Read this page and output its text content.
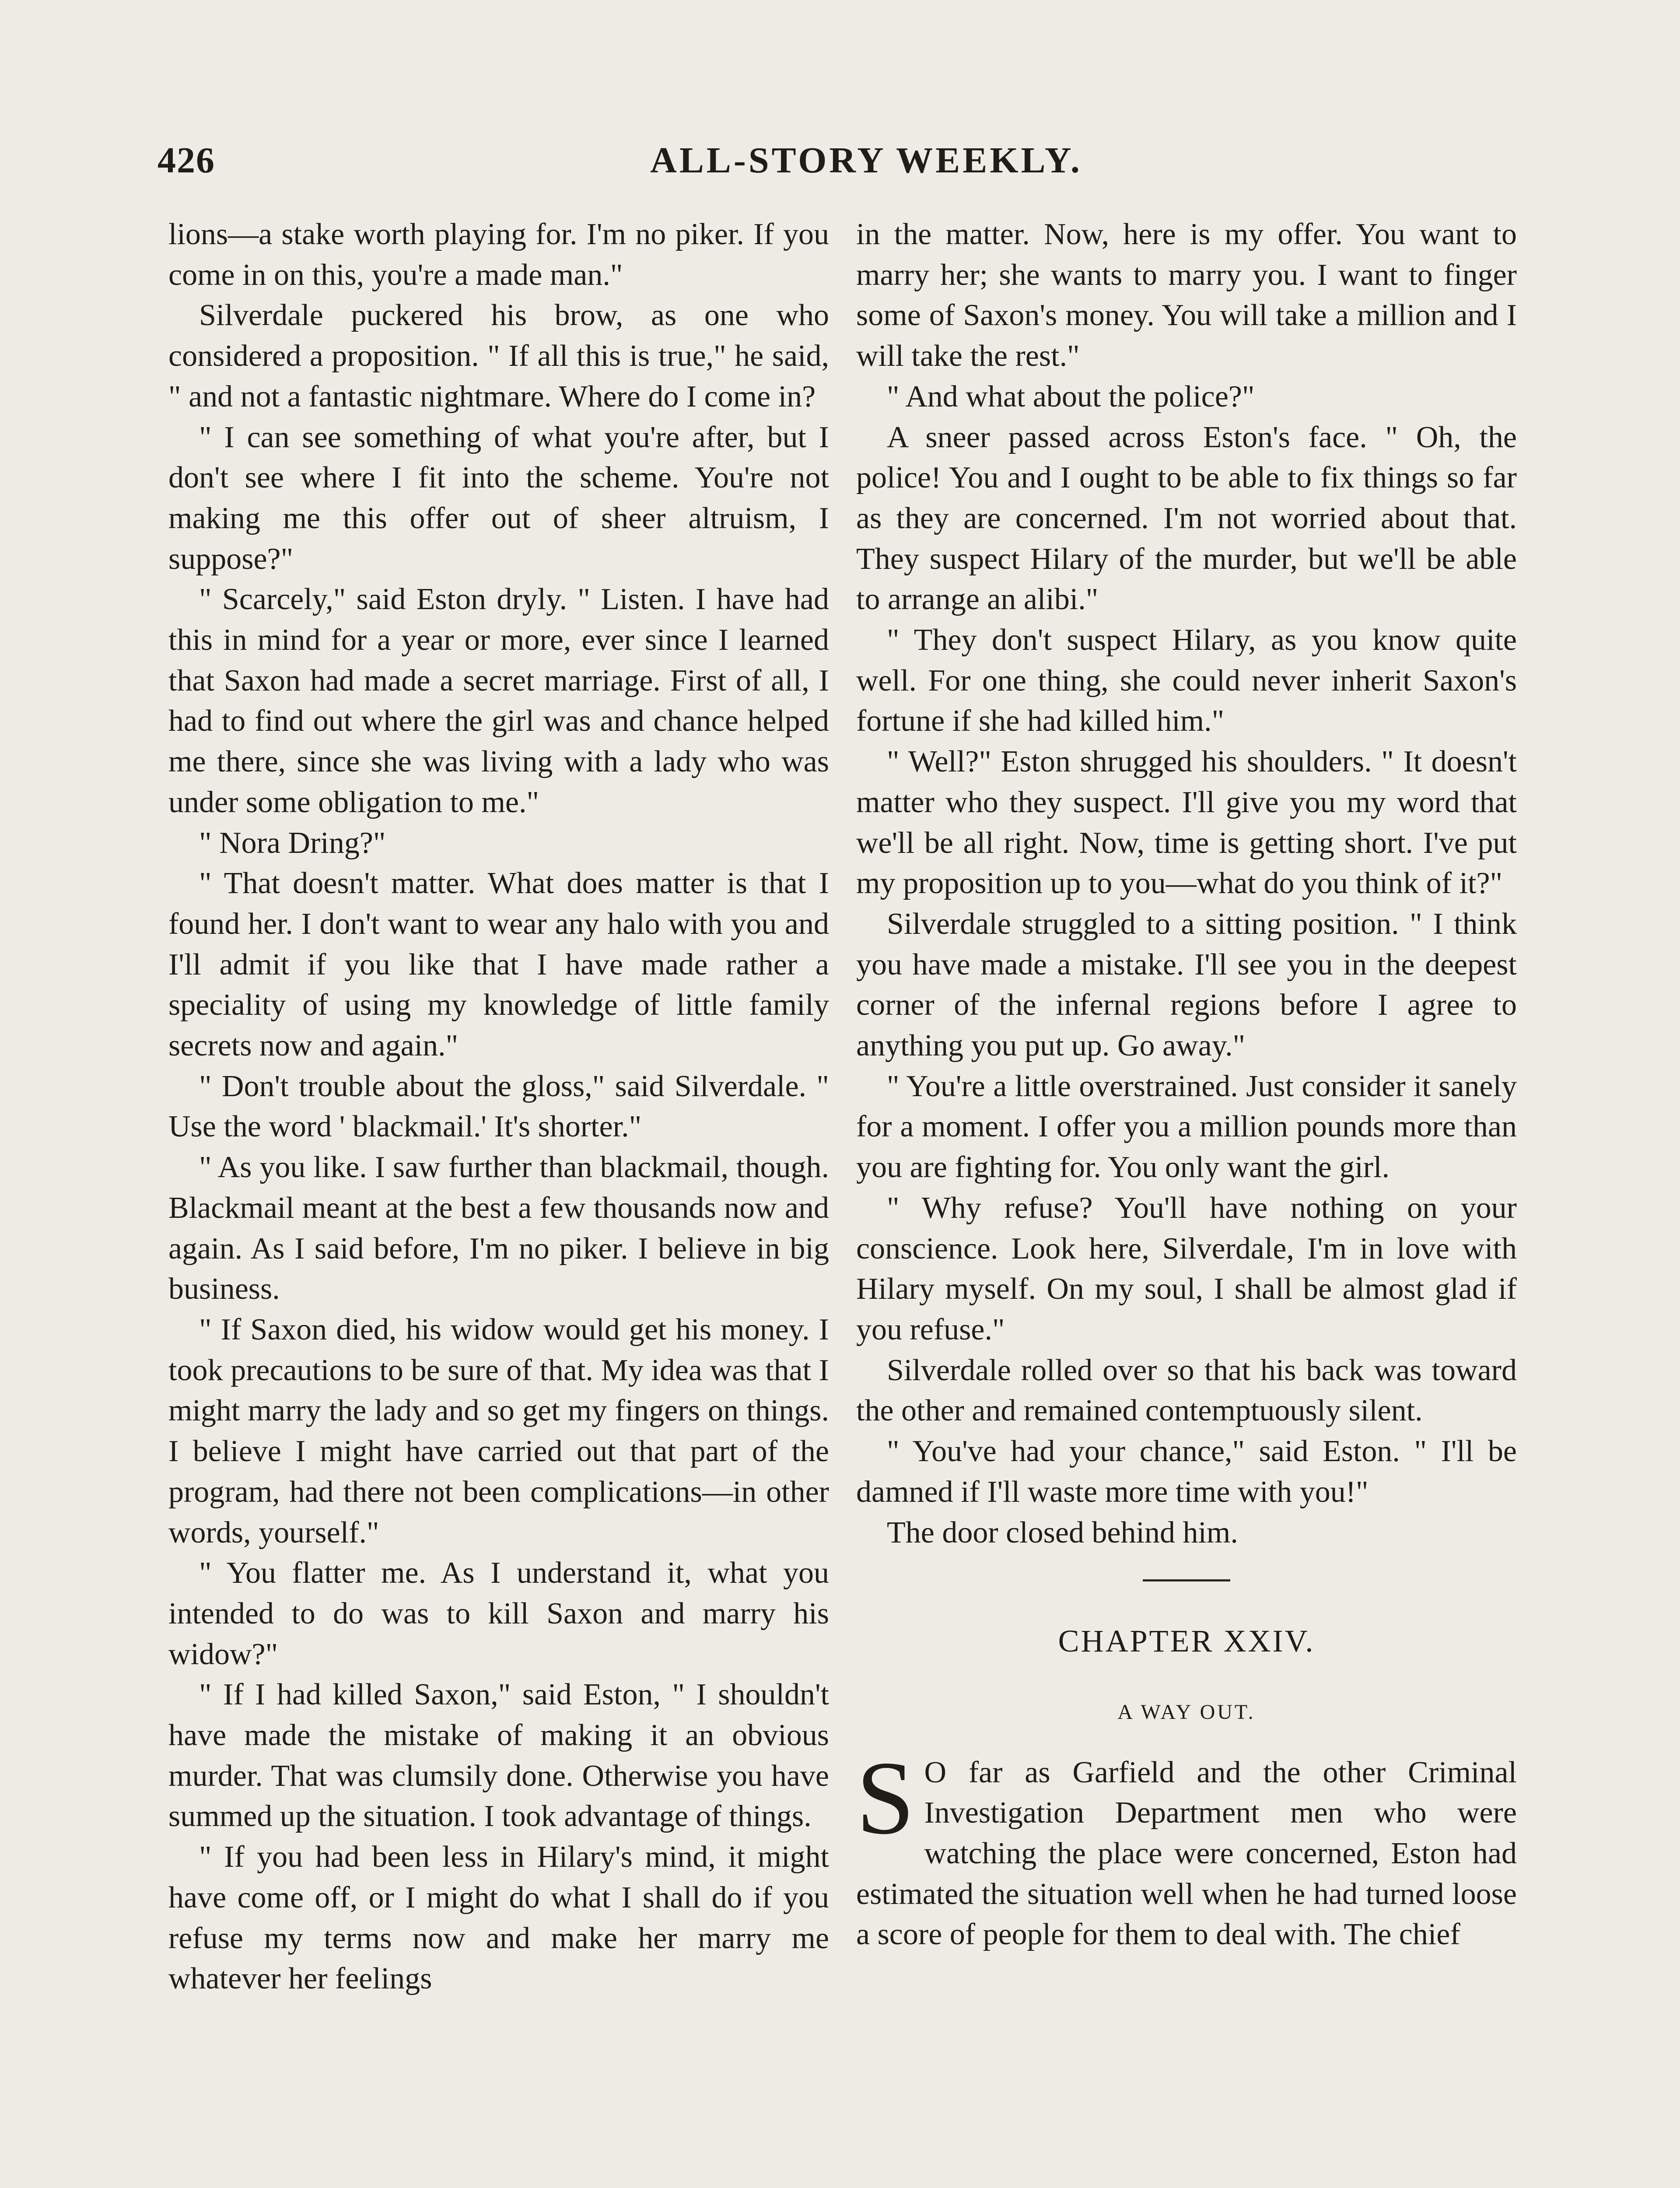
426	ALL-STORY WEEKLY.

lions—a stake worth playing for. I'm no piker. If you come in on this, you're a made man."

Silverdale puckered his brow, as one who considered a proposition. " If all this is true," he said, " and not a fantastic nightmare. Where do I come in?

" I can see something of what you're after, but I don't see where I fit into the scheme. You're not making me this offer out of sheer altruism, I suppose?"

" Scarcely," said Eston dryly. " Listen. I have had this in mind for a year or more, ever since I learned that Saxon had made a secret marriage. First of all, I had to find out where the girl was and chance helped me there, since she was living with a lady who was under some obligation to me."

" Nora Dring?"

" That doesn't matter. What does matter is that I found her. I don't want to wear any halo with you and I'll admit if you like that I have made rather a speciality of using my knowledge of little family secrets now and again."

" Don't trouble about the gloss," said Silverdale. " Use the word ' blackmail.' It's shorter."

" As you like. I saw further than blackmail, though. Blackmail meant at the best a few thousands now and again. As I said before, I'm no piker. I believe in big business.

" If Saxon died, his widow would get his money. I took precautions to be sure of that. My idea was that I might marry the lady and so get my fingers on things. I believe I might have carried out that part of the program, had there not been complications—in other words, yourself."

" You flatter me. As I understand it, what you intended to do was to kill Saxon and marry his widow?"

" If I had killed Saxon," said Eston, " I shouldn't have made the mistake of making it an obvious murder. That was clumsily done. Otherwise you have summed up the situation. I took advantage of things.

" If you had been less in Hilary's mind, it might have come off, or I might do what I shall do if you refuse my terms now and make her marry me whatever her feelings

in the matter. Now, here is my offer. You want to marry her; she wants to marry you. I want to finger some of Saxon's money. You will take a million and I will take the rest."

" And what about the police?"

A sneer passed across Eston's face. " Oh, the police! You and I ought to be able to fix things so far as they are concerned. I'm not worried about that. They suspect Hilary of the murder, but we'll be able to arrange an alibi."

" They don't suspect Hilary, as you know quite well. For one thing, she could never inherit Saxon's fortune if she had killed him."

" Well?" Eston shrugged his shoulders. " It doesn't matter who they suspect. I'll give you my word that we'll be all right. Now, time is getting short. I've put my proposition up to you—what do you think of it?"

Silverdale struggled to a sitting position. " I think you have made a mistake. I'll see you in the deepest corner of the infernal regions before I agree to anything you put up. Go away."

" You're a little overstrained. Just consider it sanely for a moment. I offer you a million pounds more than you are fighting for. You only want the girl.

" Why refuse? You'll have nothing on your conscience. Look here, Silverdale, I'm in love with Hilary myself. On my soul, I shall be almost glad if you refuse."

Silverdale rolled over so that his back was toward the other and remained contemptuously silent.

" You've had your chance," said Eston. " I'll be damned if I'll waste more time with you!"

The door closed behind him.

CHAPTER XXIV.
A WAY OUT.

S O far as Garfield and the other Criminal Investigation Department men who were watching the place were concerned, Eston had estimated the situation well when he had turned loose a score of people for them to deal with. The chief
